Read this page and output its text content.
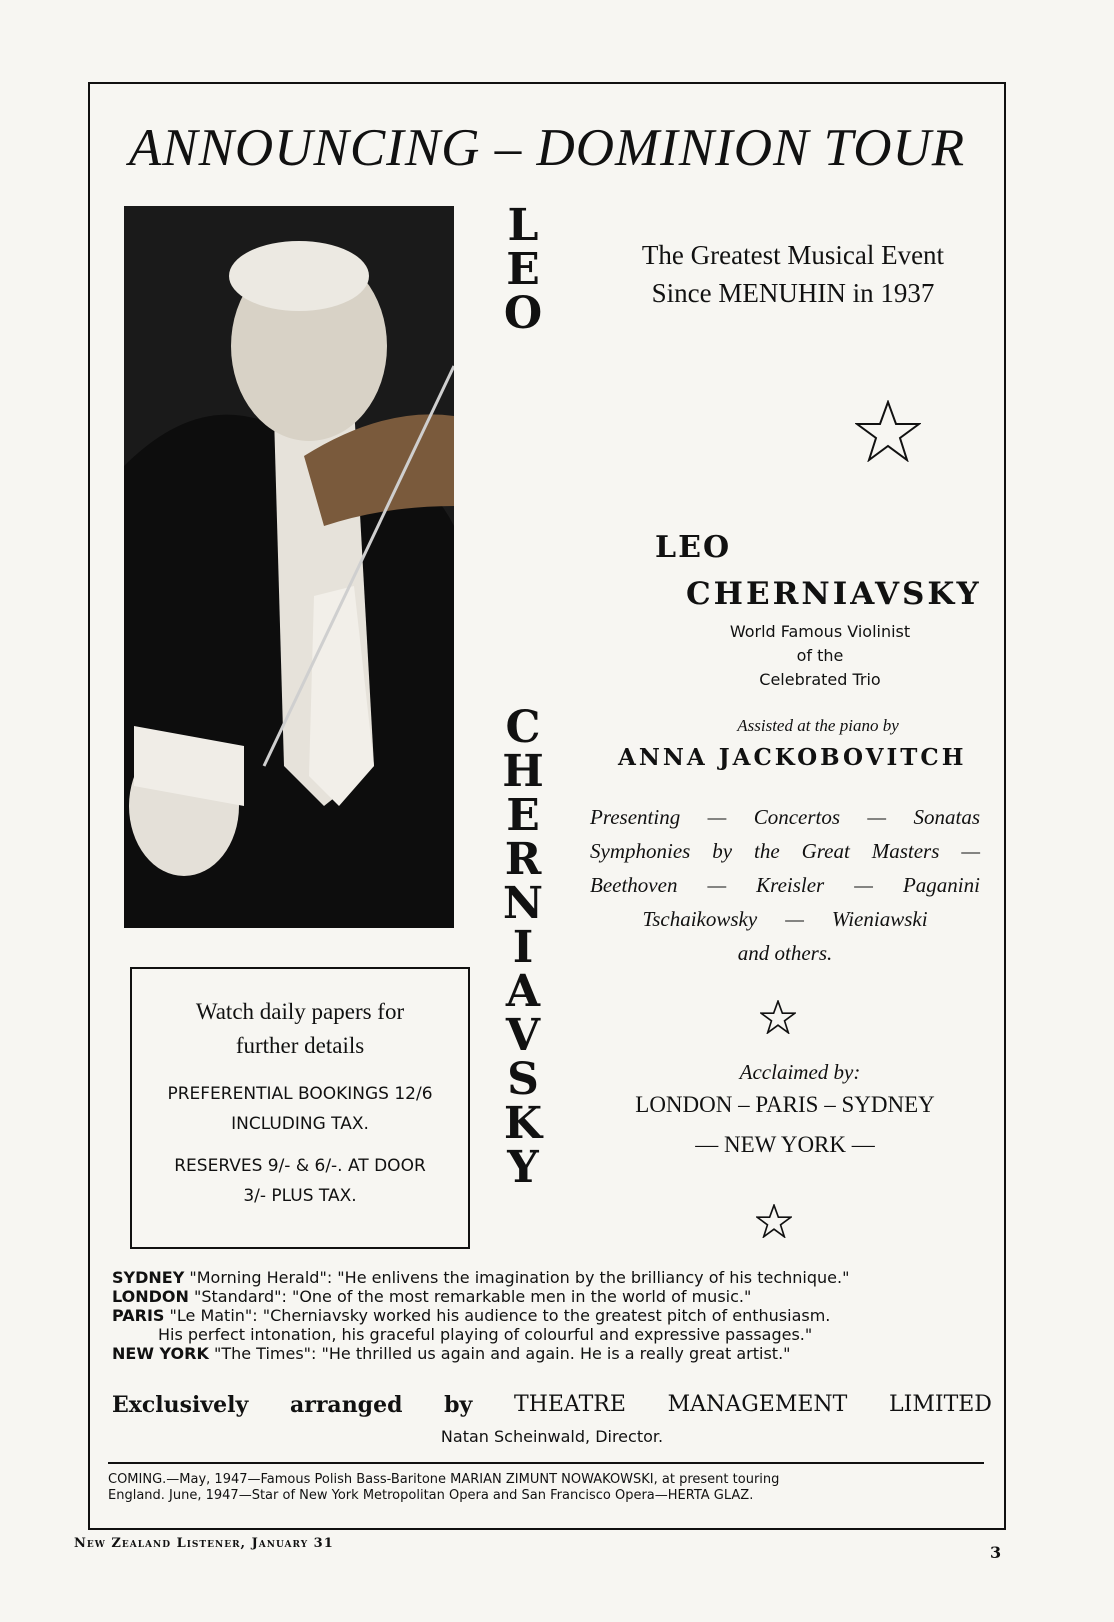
ANNOUNCING – DOMINION TOUR
L
E
O
C
H
E
R
N
I
A
V
S
K
Y
The Greatest Musical Event
Since MENUHIN in 1937
LEO
CHERNIAVSKY
World Famous Violinist
of the
Celebrated Trio
Assisted at the piano by
ANNA JACKOBOVITCH
Presenting — Concertos — Sonatas
Symphonies by the Great Masters —
Beethoven — Kreisler — Paganini
Tschaikowsky — Wieniawski
and others.
Acclaimed by:
LONDON – PARIS – SYDNEY
— NEW YORK —
Watch daily papers for
further details
PREFERENTIAL BOOKINGS 12/6
INCLUDING TAX.
RESERVES 9/- & 6/-. AT DOOR
3/- PLUS TAX.
SYDNEY "Morning Herald": "He enlivens the imagination by the brilliancy of his technique."
LONDON "Standard": "One of the most remarkable men in the world of music."
PARIS "Le Matin": "Cherniavsky worked his audience to the greatest pitch of enthusiasm.
His perfect intonation, his graceful playing of colourful and expressive passages."
NEW YORK "The Times": "He thrilled us again and again. He is a really great artist."
Exclusively arranged by THEATRE MANAGEMENT LIMITED
Natan Scheinwald, Director.
COMING.—May, 1947—Famous Polish Bass-Baritone MARIAN ZIMUNT NOWAKOWSKI, at present touring
England. June, 1947—Star of New York Metropolitan Opera and San Francisco Opera—HERTA GLAZ.
New Zealand Listener, January 31	3
